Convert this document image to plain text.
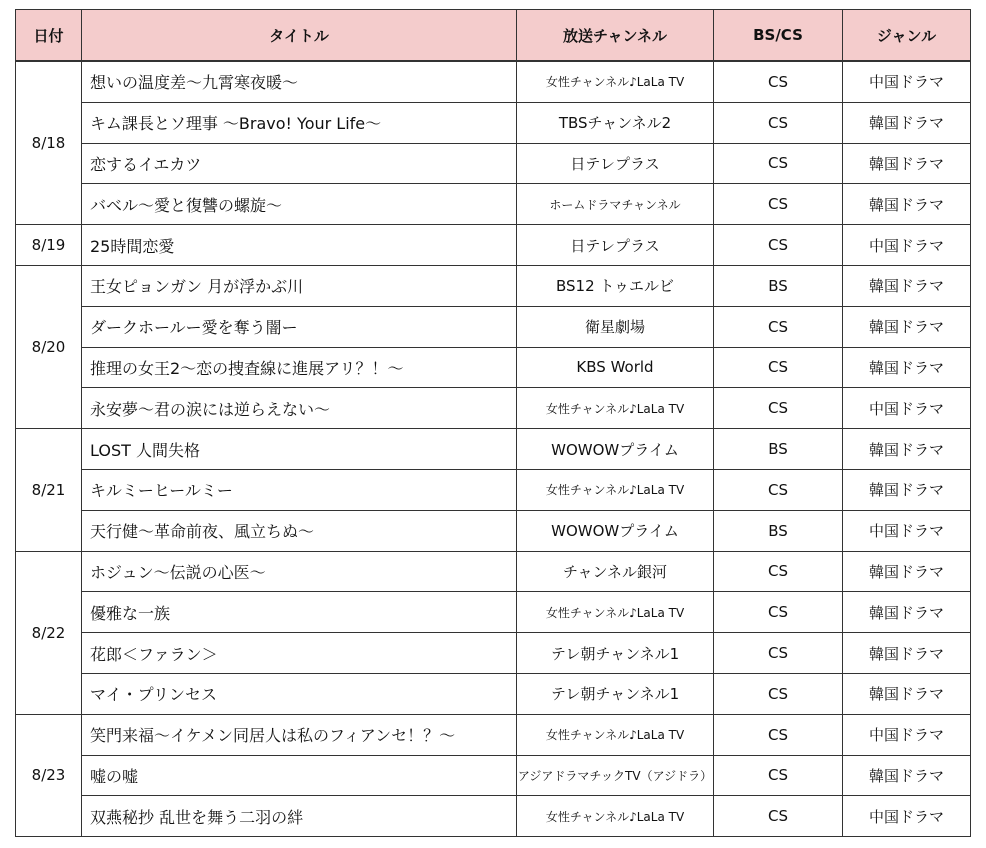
日付	タイトル	放送チャンネル	BS/CS	ジャンル
8/18	想いの温度差～九霄寒夜暖～	女性チャンネル♪LaLa TV	CS	中国ドラマ
	キム課長とソ理事 ～Bravo! Your Life～	TBSチャンネル2	CS	韓国ドラマ
	恋するイエカツ	日テレプラス	CS	韓国ドラマ
	バベル～愛と復讐の螺旋～	ホームドラマチャンネル	CS	韓国ドラマ
8/19	25時間恋愛	日テレプラス	CS	中国ドラマ
8/20	王女ピョンガン 月が浮かぶ川	BS12 トゥエルビ	BS	韓国ドラマ
	ダークホールー愛を奪う闇ー	衛星劇場	CS	韓国ドラマ
	推理の女王2～恋の捜査線に進展アリ？！～	KBS World	CS	韓国ドラマ
	永安夢～君の涙には逆らえない～	女性チャンネル♪LaLa TV	CS	中国ドラマ
8/21	LOST 人間失格	WOWOWプライム	BS	韓国ドラマ
	キルミーヒールミー	女性チャンネル♪LaLa TV	CS	韓国ドラマ
	天行健～革命前夜、風立ちぬ～	WOWOWプライム	BS	中国ドラマ
8/22	ホジュン～伝説の心医～	チャンネル銀河	CS	韓国ドラマ
	優雅な一族	女性チャンネル♪LaLa TV	CS	韓国ドラマ
	花郎＜ファラン＞	テレ朝チャンネル1	CS	韓国ドラマ
	マイ・プリンセス	テレ朝チャンネル1	CS	韓国ドラマ
8/23	笑門来福～イケメン同居人は私のフィアンセ！？～	女性チャンネル♪LaLa TV	CS	中国ドラマ
	嘘の嘘	アジアドラマチックTV（アジドラ）	CS	韓国ドラマ
	双燕秘抄 乱世を舞う二羽の絆	女性チャンネル♪LaLa TV	CS	中国ドラマ
